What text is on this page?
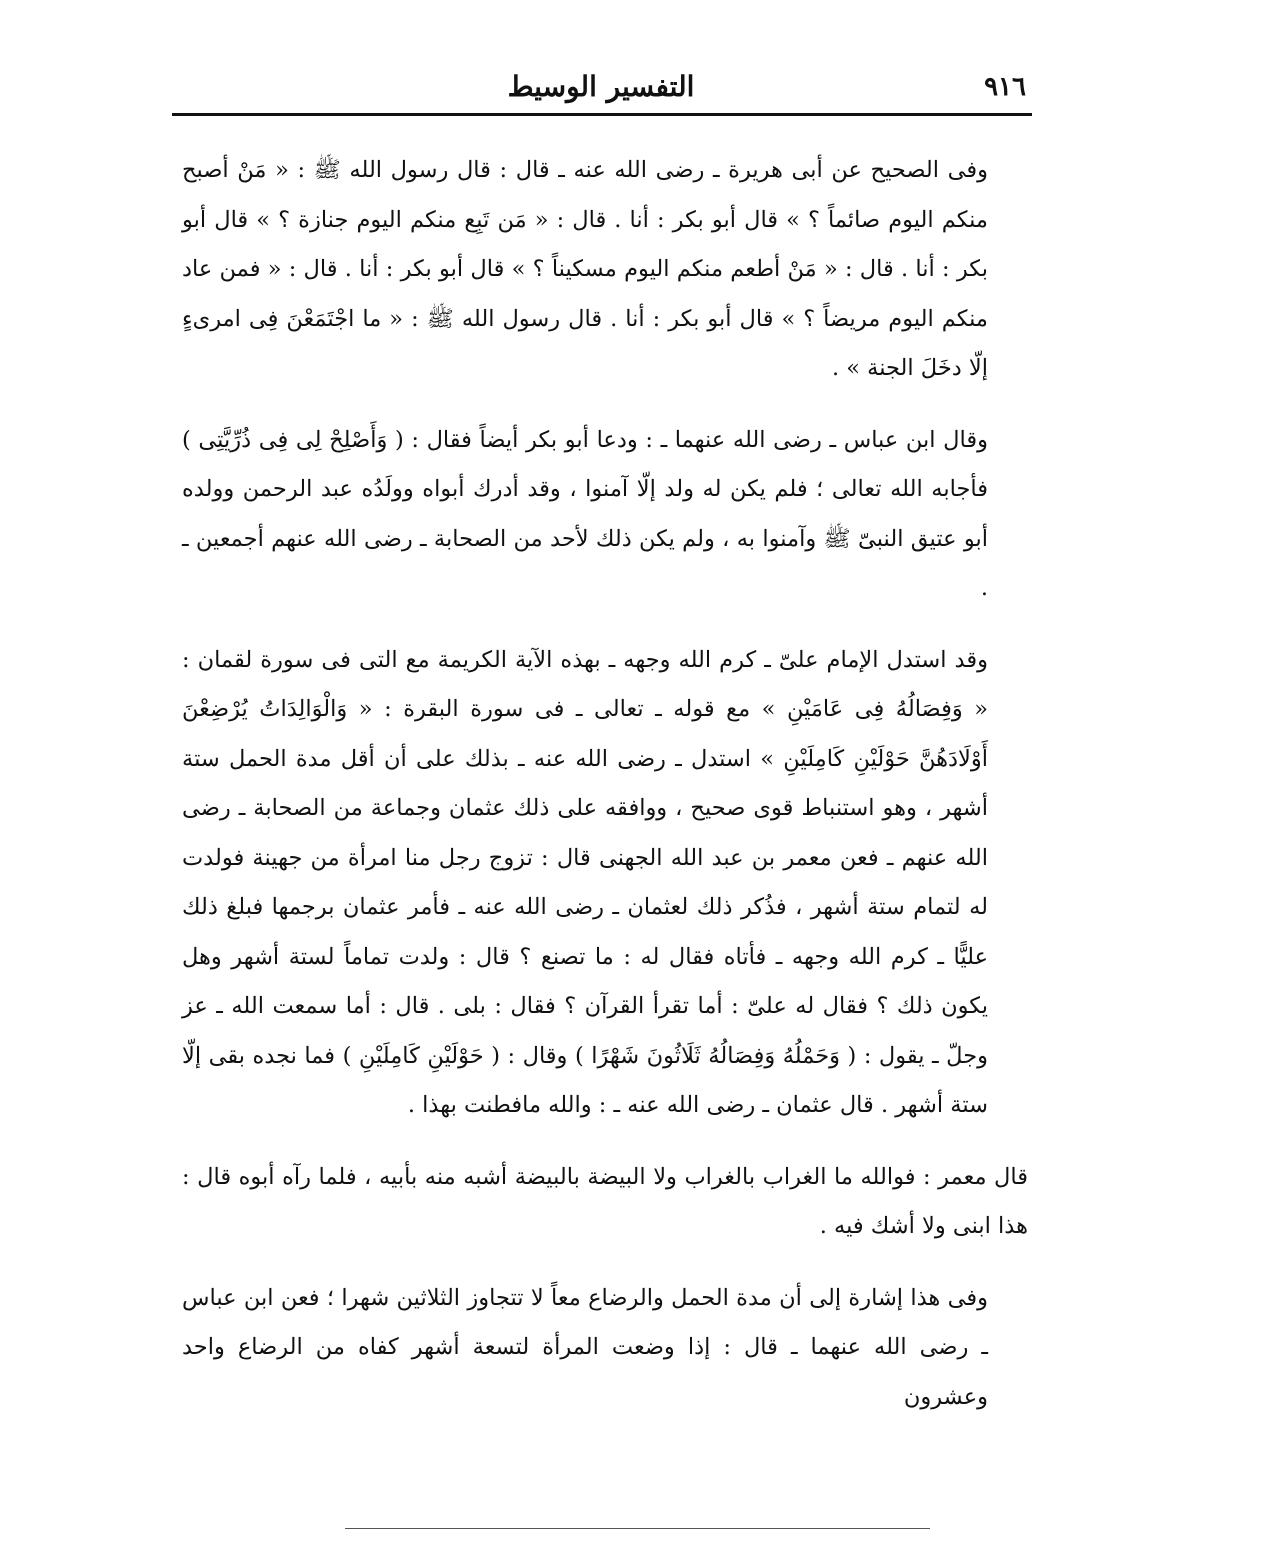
٩١٦
التفسير الوسيط

وفى الصحيح عن أبى هريرة ـ رضى الله عنه ـ قال : قال رسول الله ﷺ : « مَنْ أصبح منكم اليوم صائماً ؟ » قال أبو بكر : أنا . قال : « مَن تَبِع منكم اليوم جنازة ؟ » قال أبو بكر : أنا . قال : « مَنْ أطعم منكم اليوم مسكيناً ؟ » قال أبو بكر : أنا . قال : « فمن عاد منكم اليوم مريضاً ؟ » قال أبو بكر : أنا . قال رسول الله ﷺ : « ما اجْتَمَعْنَ فِى امرىءٍ إلّا دخَلَ الجنة » .

وقال ابن عباس ـ رضى الله عنهما ـ : ودعا أبو بكر أيضاً فقال : ( وَأَصْلِحْ لِى فِى ذُرِّيَّتِى ) فأجابه الله تعالى ؛ فلم يكن له ولد إلّا آمنوا ، وقد أدرك أبواه وولَدُه عبد الرحمن وولده أبو عتيق النبىّ ﷺ وآمنوا به ، ولم يكن ذلك لأحد من الصحابة ـ رضى الله عنهم أجمعين ـ .

وقد استدل الإمام علىّ ـ كرم الله وجهه ـ بهذه الآية الكريمة مع التى فى سورة لقمان : « وَفِصَالُهُ فِى عَامَيْنِ » مع قوله ـ تعالى ـ فى سورة البقرة : « وَالْوَالِدَاتُ يُرْضِعْنَ أَوْلَادَهُنَّ حَوْلَيْنِ كَامِلَيْنِ » استدل ـ رضى الله عنه ـ بذلك على أن أقل مدة الحمل ستة أشهر ، وهو استنباط قوى صحيح ، ووافقه على ذلك عثمان وجماعة من الصحابة ـ رضى الله عنهم ـ فعن معمر بن عبد الله الجهنى قال : تزوج رجل منا امرأة من جهينة فولدت له لتمام ستة أشهر ، فذُكر ذلك لعثمان ـ رضى الله عنه ـ فأمر عثمان برجمها فبلغ ذلك عليًّا ـ كرم الله وجهه ـ فأتاه فقال له : ما تصنع ؟ قال : ولدت تماماً لستة أشهر وهل يكون ذلك ؟ فقال له علىّ : أما تقرأ القرآن ؟ فقال : بلى . قال : أما سمعت الله ـ عز وجلّ ـ يقول : ( وَحَمْلُهُ وَفِصَالُهُ ثَلَاثُونَ شَهْرًا ) وقال : ( حَوْلَيْنِ كَامِلَيْنِ ) فما نجده بقى إلّا ستة أشهر . قال عثمان ـ رضى الله عنه ـ : والله مافطنت بهذا .

قال معمر : فوالله ما الغراب بالغراب ولا البيضة بالبيضة أشبه منه بأبيه ، فلما رآه أبوه قال : هذا ابنى ولا أشك فيه .

وفى هذا إشارة إلى أن مدة الحمل والرضاع معاً لا تتجاوز الثلاثين شهرا ؛ فعن ابن عباس ـ رضى الله عنهما ـ قال : إذا وضعت المرأة لتسعة أشهر كفاه من الرضاع واحد وعشرون
